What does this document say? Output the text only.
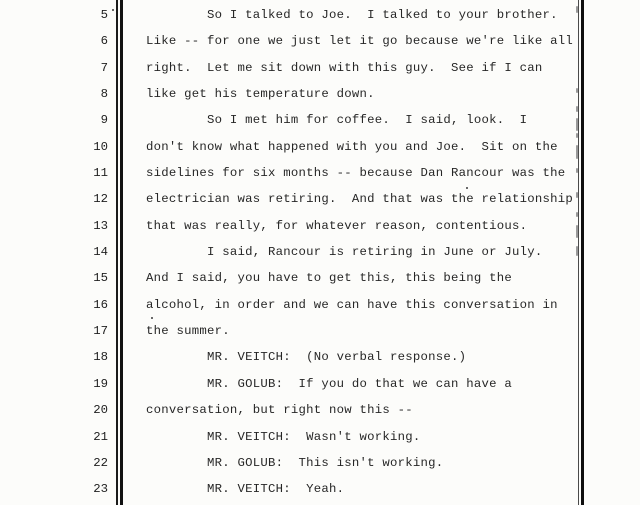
5	So I talked to Joe.  I talked to your brother.
6	Like -- for one we just let it go because we're like all
7	right.  Let me sit down with this guy.  See if I can
8	like get his temperature down.
9	So I met him for coffee.  I said, look.  I
10	don't know what happened with you and Joe.  Sit on the
11	sidelines for six months -- because Dan Rancour was the
12	electrician was retiring.  And that was the relationship
13	that was really, for whatever reason, contentious.
14	I said, Rancour is retiring in June or July.
15	And I said, you have to get this, this being the
16	alcohol, in order and we can have this conversation in
17	the summer.
18	MR. VEITCH:  (No verbal response.)
19	MR. GOLUB:  If you do that we can have a
20	conversation, but right now this --
21	MR. VEITCH:  Wasn't working.
22	MR. GOLUB:  This isn't working.
23	MR. VEITCH:  Yeah.
